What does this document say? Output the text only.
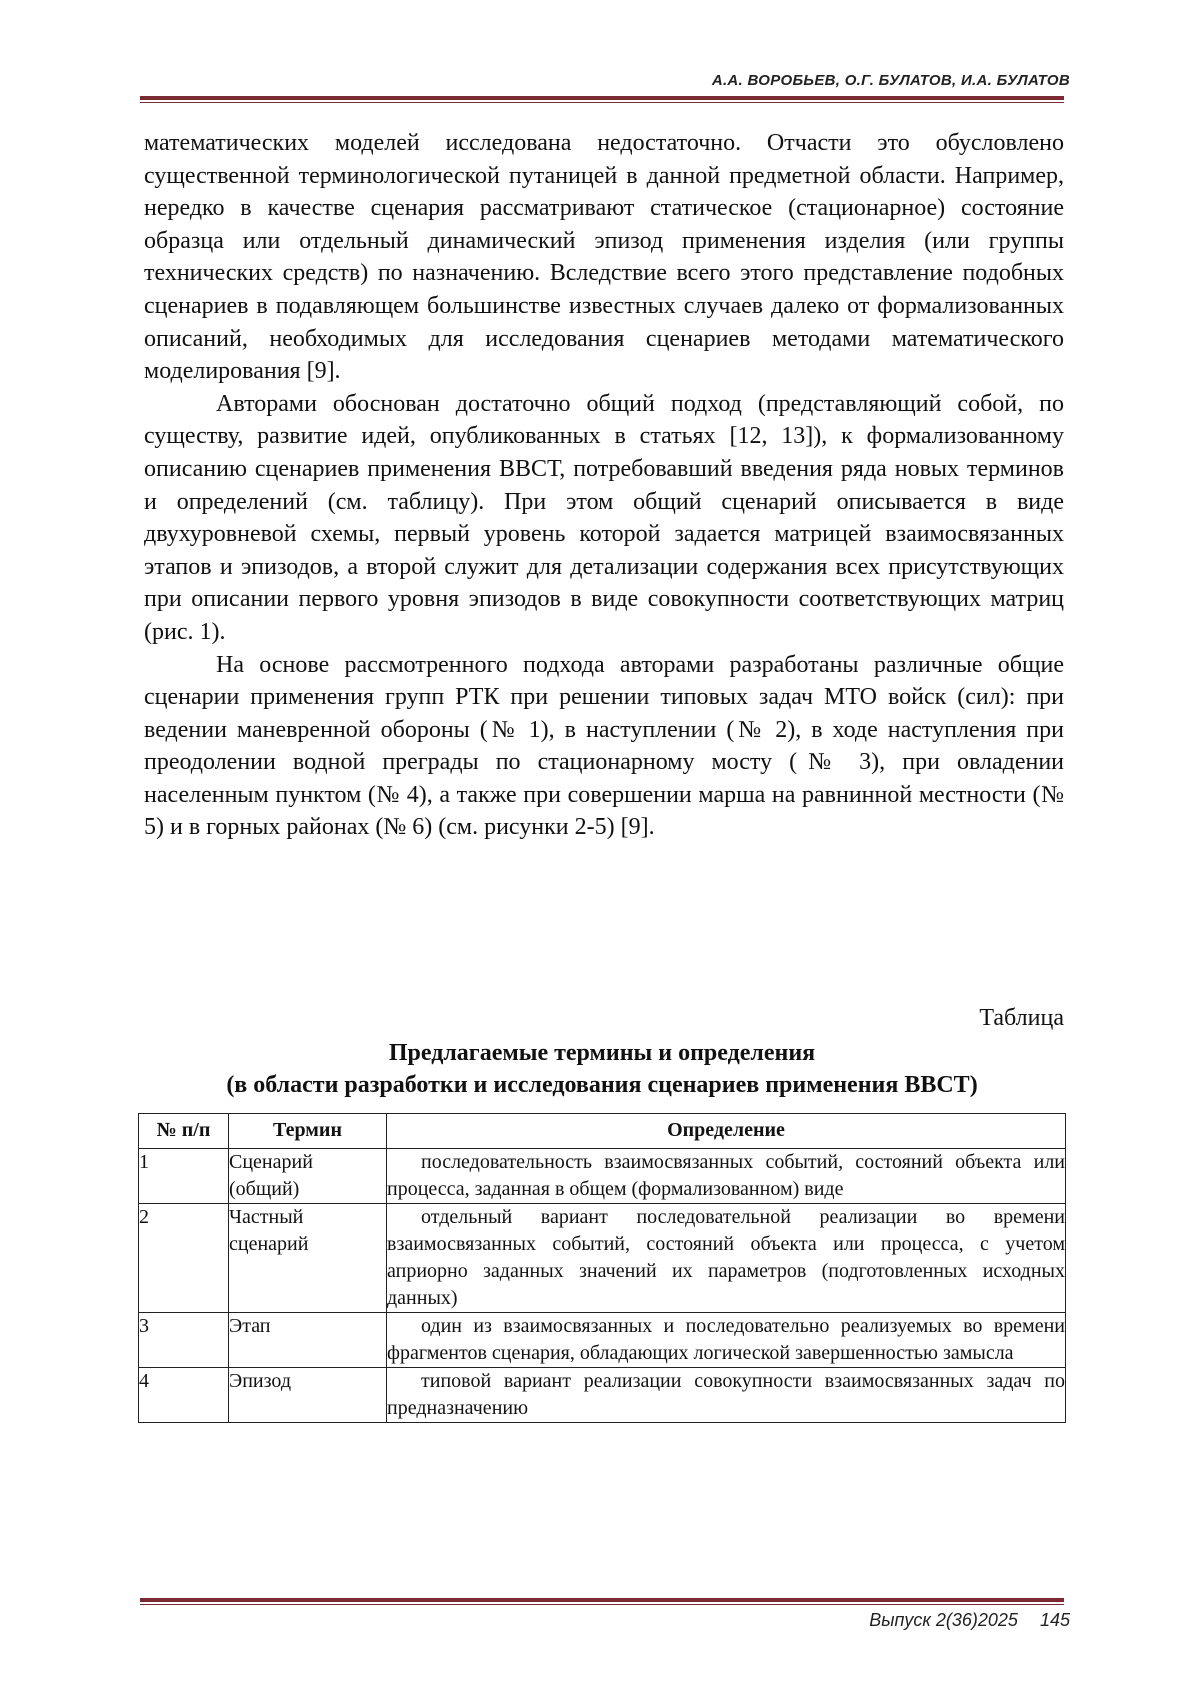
А.А. ВОРОБЬЕВ, О.Г. БУЛАТОВ, И.А. БУЛАТОВ

математических моделей исследована недостаточно. Отчасти это обусловлено существенной терминологической путаницей в данной предметной области. Например, нередко в качестве сценария рассматривают статическое (стационарное) состояние образца или отдельный динамический эпизод применения изделия (или группы технических средств) по назначению. Вследствие всего этого представление подобных сценариев в подавляющем большинстве известных случаев далеко от формализованных описаний, необходимых для исследования сценариев методами математического моделирования [9].

Авторами обоснован достаточно общий подход (представляющий собой, по существу, развитие идей, опубликованных в статьях [12, 13]), к формализованному описанию сценариев применения ВВСТ, потребовавший введения ряда новых терминов и определений (см. таблицу). При этом общий сценарий описывается в виде двухуровневой схемы, первый уровень которой задается матрицей взаимосвязанных этапов и эпизодов, а второй служит для детализации содержания всех присутствующих при описании первого уровня эпизодов в виде совокупности соответствующих матриц (рис. 1).

На основе рассмотренного подхода авторами разработаны различные общие сценарии применения групп РТК при решении типовых задач МТО войск (сил): при ведении маневренной обороны (№ 1), в наступлении (№ 2), в ходе наступления при преодолении водной преграды по стационарному мосту (№ 3), при овладении населенным пунктом (№ 4), а также при совершении марша на равнинной местности (№ 5) и в горных районах (№ 6) (см. рисунки 2-5) [9].

Таблица
Предлагаемые термины и определения
(в области разработки и исследования сценариев применения ВВСТ)
№ п/п	Термин	Определение
1	Сценарий (общий)	последовательность взаимосвязанных событий, состояний объекта или процесса, заданная в общем (формализованном) виде

2	Частный сценарий	отдельный вариант последовательной реализации во времени взаимосвязанных событий, состояний объекта или процесса, с учетом априорно заданных значений их параметров (подготовленных исходных данных)

3	Этап	один из взаимосвязанных и последовательно реализуемых во времени фрагментов сценария, обладающих логической завершенностью замысла

4	Эпизод	типовой вариант реализации совокупности взаимосвязанных задач по предназначению
Выпуск 2(36)2025 145
